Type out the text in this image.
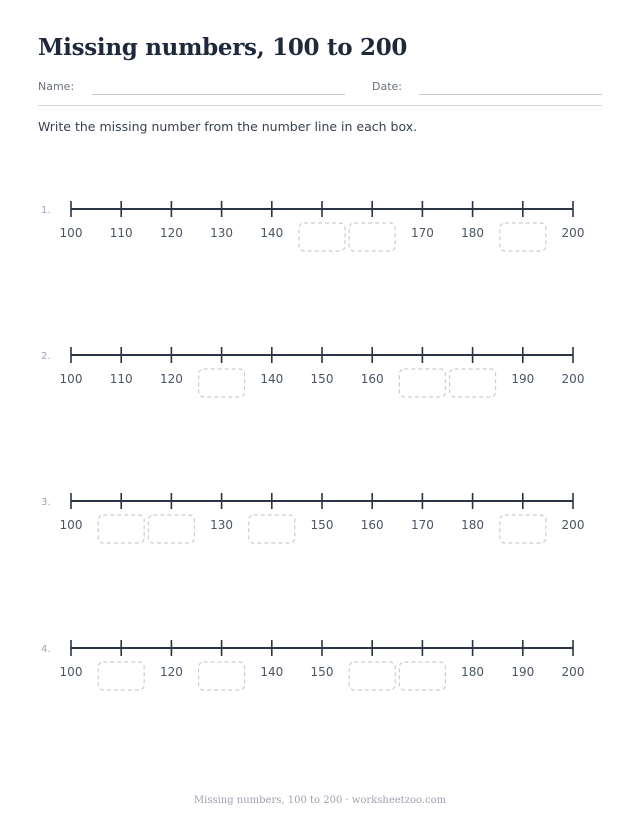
Missing numbers, 100 to 200
Name:	Date:

Write the missing number from the number line in each box.

1.
100 110 120 130 140	170 180	200
2.
100 110 120	140 150 160	190 200
3.
100	130	150 160 170 180	200
4.
100	120	140 150	180 190 200
Missing numbers, 100 to 200 · worksheetzoo.com
